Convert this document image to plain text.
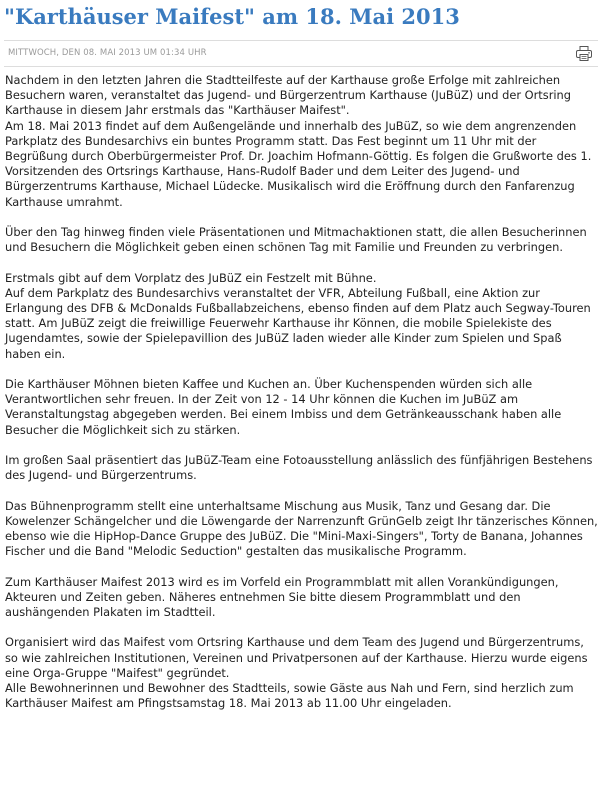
"Karthäuser Maifest" am 18. Mai 2013
MITTWOCH, DEN 08. MAI 2013 UM 01:34 UHR

Nachdem in den letzten Jahren die Stadtteilfeste auf der Karthause große Erfolge mit zahlreichen Besuchern waren, veranstaltet das Jugend- und Bürgerzentrum Karthause (JuBüZ) und der Ortsring Karthause in diesem Jahr erstmals das "Karthäuser Maifest".
Am 18. Mai 2013 findet auf dem Außengelände und innerhalb des JuBüZ, so wie dem angrenzenden Parkplatz des Bundesarchivs ein buntes Programm statt. Das Fest beginnt um 11 Uhr mit der Begrüßung durch Oberbürgermeister Prof. Dr. Joachim Hofmann-Göttig. Es folgen die Grußworte des 1. Vorsitzenden des Ortsrings Karthause, Hans-Rudolf Bader und dem Leiter des Jugend- und Bürgerzentrums Karthause, Michael Lüdecke. Musikalisch wird die Eröffnung durch den Fanfarenzug Karthause umrahmt.

Über den Tag hinweg finden viele Präsentationen und Mitmachaktionen statt, die allen Besucherinnen und Besuchern die Möglichkeit geben einen schönen Tag mit Familie und Freunden zu verbringen.

Erstmals gibt auf dem Vorplatz des JuBüZ ein Festzelt mit Bühne.
Auf dem Parkplatz des Bundesarchivs veranstaltet der VFR, Abteilung Fußball, eine Aktion zur Erlangung des DFB & McDonalds Fußballabzeichens, ebenso finden auf dem Platz auch Segway-Touren statt. Am JuBüZ zeigt die freiwillige Feuerwehr Karthause ihr Können, die mobile Spielekiste des Jugendamtes, sowie der Spielepavillion des JuBüZ laden wieder alle Kinder zum Spielen und Spaß haben ein.

Die Karthäuser Möhnen bieten Kaffee und Kuchen an. Über Kuchenspenden würden sich alle Verantwortlichen sehr freuen. In der Zeit von 12 - 14 Uhr können die Kuchen im JuBüZ am Veranstaltungstag abgegeben werden. Bei einem Imbiss und dem Getränkeausschank haben alle Besucher die Möglichkeit sich zu stärken.

Im großen Saal präsentiert das JuBüZ-Team eine Fotoausstellung anlässlich des fünfjährigen Bestehens des Jugend- und Bürgerzentrums.

Das Bühnenprogramm stellt eine unterhaltsame Mischung aus Musik, Tanz und Gesang dar. Die Kowelenzer Schängelcher und die Löwengarde der Narrenzunft GrünGelb zeigt Ihr tänzerisches Können, ebenso wie die HipHop-Dance Gruppe des JuBüZ. Die "Mini-Maxi-Singers", Torty de Banana, Johannes Fischer und die Band "Melodic Seduction" gestalten das musikalische Programm.

Zum Karthäuser Maifest 2013 wird es im Vorfeld ein Programmblatt mit allen Vorankündigungen, Akteuren und Zeiten geben. Näheres entnehmen Sie bitte diesem Programmblatt und den aushängenden Plakaten im Stadtteil.

Organisiert wird das Maifest vom Ortsring Karthause und dem Team des Jugend und Bürgerzentrums, so wie zahlreichen Institutionen, Vereinen und Privatpersonen auf der Karthause. Hierzu wurde eigens eine Orga-Gruppe "Maifest" gegründet.
Alle Bewohnerinnen und Bewohner des Stadtteils, sowie Gäste aus Nah und Fern, sind herzlich zum Karthäuser Maifest am Pfingstsamstag 18. Mai 2013 ab 11.00 Uhr eingeladen.
